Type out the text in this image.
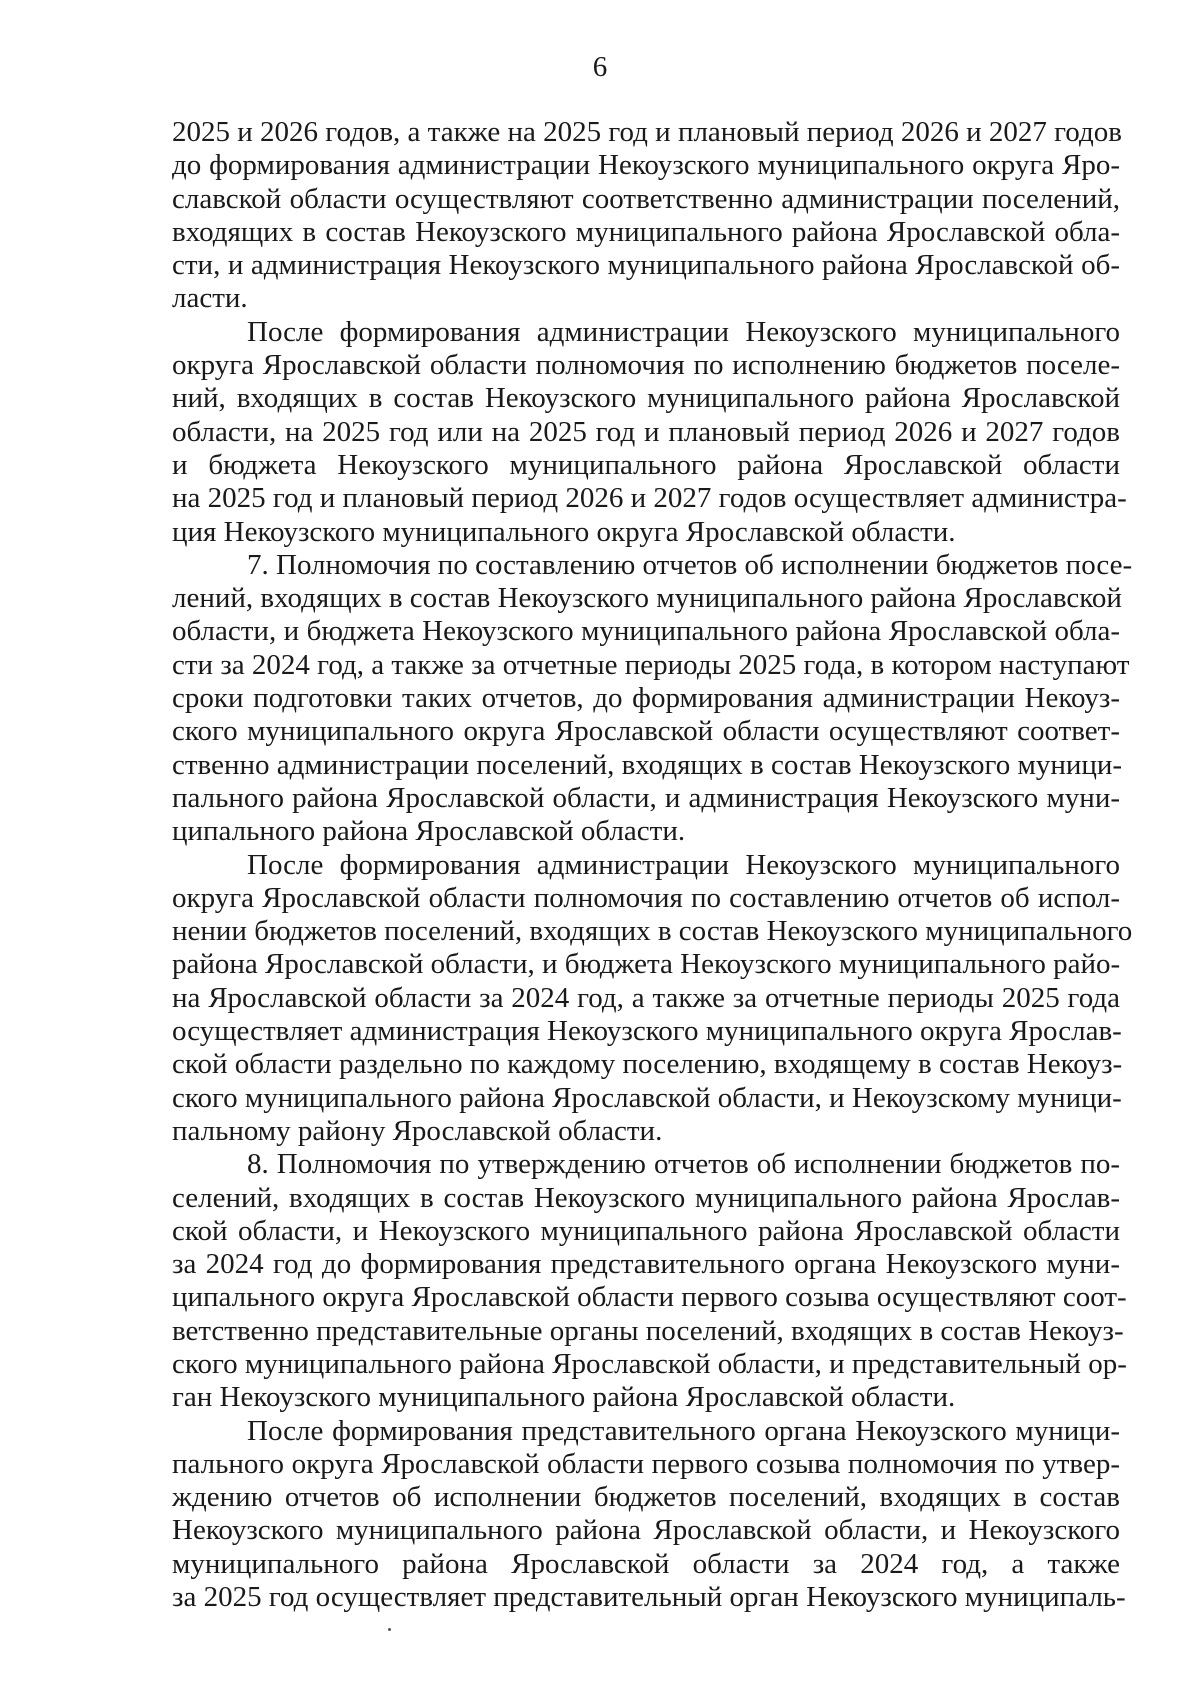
6
2025 и 2026 годов, а также на 2025 год и плановый период 2026 и 2027 годов
до формирования администрации Некоузского муниципального округа Яро-
славской области осуществляют соответственно администрации поселений,
входящих в состав Некоузского муниципального района Ярославской обла-
сти, и администрация Некоузского муниципального района Ярославской об-
ласти.
После формирования администрации Некоузского муниципального
округа Ярославской области полномочия по исполнению бюджетов поселе-
ний, входящих в состав Некоузского муниципального района Ярославской
области, на 2025 год или на 2025 год и плановый период 2026 и 2027 годов
и бюджета Некоузского муниципального района Ярославской области
на 2025 год и плановый период 2026 и 2027 годов осуществляет администра-
ция Некоузского муниципального округа Ярославской области.
7. Полномочия по составлению отчетов об исполнении бюджетов посе-
лений, входящих в состав Некоузского муниципального района Ярославской
области, и бюджета Некоузского муниципального района Ярославской обла-
сти за 2024 год, а также за отчетные периоды 2025 года, в котором наступают
сроки подготовки таких отчетов, до формирования администрации Некоуз-
ского муниципального округа Ярославской области осуществляют соответ-
ственно администрации поселений, входящих в состав Некоузского муници-
пального района Ярославской области, и администрация Некоузского муни-
ципального района Ярославской области.
После формирования администрации Некоузского муниципального
округа Ярославской области полномочия по составлению отчетов об испол-
нении бюджетов поселений, входящих в состав Некоузского муниципального
района Ярославской области, и бюджета Некоузского муниципального райо-
на Ярославской области за 2024 год, а также за отчетные периоды 2025 года
осуществляет администрация Некоузского муниципального округа Ярослав-
ской области раздельно по каждому поселению, входящему в состав Некоуз-
ского муниципального района Ярославской области, и Некоузскому муници-
пальному району Ярославской области.
8. Полномочия по утверждению отчетов об исполнении бюджетов по-
селений, входящих в состав Некоузского муниципального района Ярослав-
ской области, и Некоузского муниципального района Ярославской области
за 2024 год до формирования представительного органа Некоузского муни-
ципального округа Ярославской области первого созыва осуществляют соот-
ветственно представительные органы поселений, входящих в состав Некоуз-
ского муниципального района Ярославской области, и представительный ор-
ган Некоузского муниципального района Ярославской области.
После формирования представительного органа Некоузского муници-
пального округа Ярославской области первого созыва полномочия по утвер-
ждению отчетов об исполнении бюджетов поселений, входящих в состав
Некоузского муниципального района Ярославской области, и Некоузского
муниципального района Ярославской области за 2024 год, а также
за 2025 год осуществляет представительный орган Некоузского муниципаль-
